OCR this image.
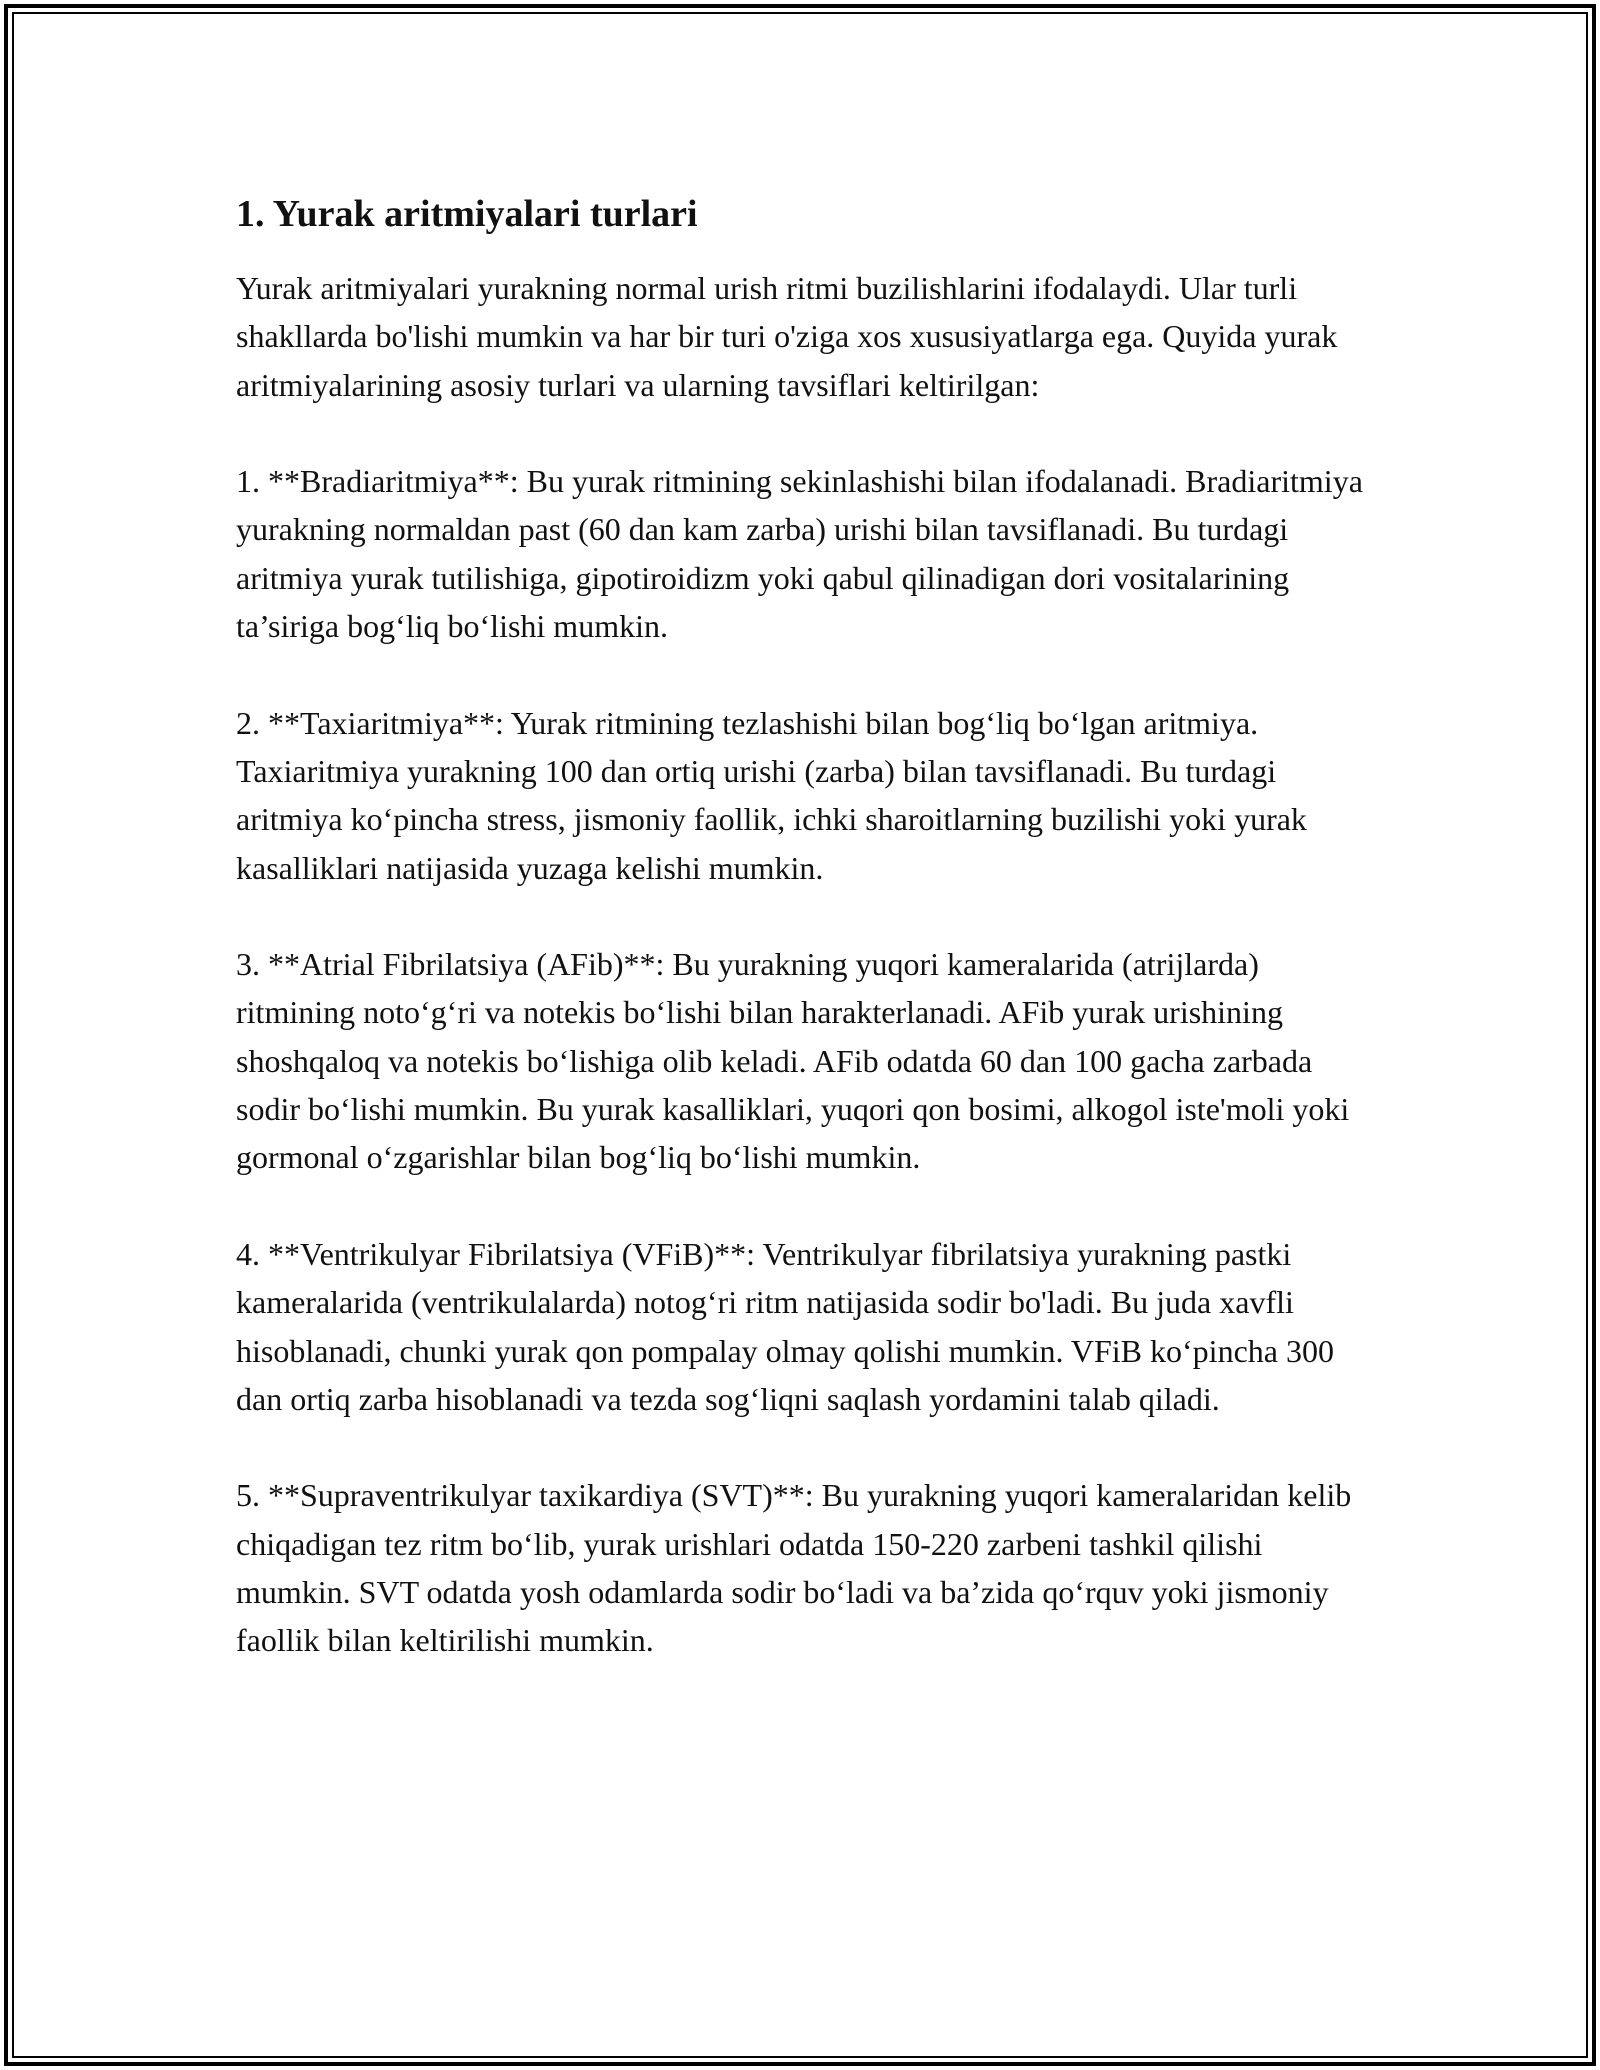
1. Yurak aritmiyalari turlari

Yurak aritmiyalari yurakning normal urish ritmi buzilishlarini ifodalaydi. Ular turli shakllarda bo'lishi mumkin va har bir turi o'ziga xos xususiyatlarga ega. Quyida yurak aritmiyalarining asosiy turlari va ularning tavsiflari keltirilgan:

1. **Bradiaritmiya**: Bu yurak ritmining sekinlashishi bilan ifodalanadi. Bradiaritmiya yurakning normaldan past (60 dan kam zarba) urishi bilan tavsiflanadi. Bu turdagi aritmiya yurak tutilishiga, gipotiroidizm yoki qabul qilinadigan dori vositalarining ta’siriga bog‘liq bo‘lishi mumkin.

2. **Taxiaritmiya**: Yurak ritmining tezlashishi bilan bog‘liq bo‘lgan aritmiya. Taxiaritmiya yurakning 100 dan ortiq urishi (zarba) bilan tavsiflanadi. Bu turdagi aritmiya ko‘pincha stress, jismoniy faollik, ichki sharoitlarning buzilishi yoki yurak kasalliklari natijasida yuzaga kelishi mumkin.

3. **Atrial Fibrilatsiya (AFib)**: Bu yurakning yuqori kameralarida (atrijlarda) ritmining noto‘g‘ri va notekis bo‘lishi bilan harakterlanadi. AFib yurak urishining shoshqaloq va notekis bo‘lishiga olib keladi. AFib odatda 60 dan 100 gacha zarbada sodir bo‘lishi mumkin. Bu yurak kasalliklari, yuqori qon bosimi, alkogol iste'moli yoki gormonal o‘zgarishlar bilan bog‘liq bo‘lishi mumkin.

4. **Ventrikulyar Fibrilatsiya (VFiB)**: Ventrikulyar fibrilatsiya yurakning pastki kameralarida (ventrikulalarda) notog‘ri ritm natijasida sodir bo'ladi. Bu juda xavfli hisoblanadi, chunki yurak qon pompalay olmay qolishi mumkin. VFiB ko‘pincha 300 dan ortiq zarba hisoblanadi va tezda sog‘liqni saqlash yordamini talab qiladi.

5. **Supraventrikulyar taxikardiya (SVT)**: Bu yurakning yuqori kameralaridan kelib chiqadigan tez ritm bo‘lib, yurak urishlari odatda 150-220 zarbeni tashkil qilishi mumkin. SVT odatda yosh odamlarda sodir bo‘ladi va ba’zida qo‘rquv yoki jismoniy faollik bilan keltirilishi mumkin.
